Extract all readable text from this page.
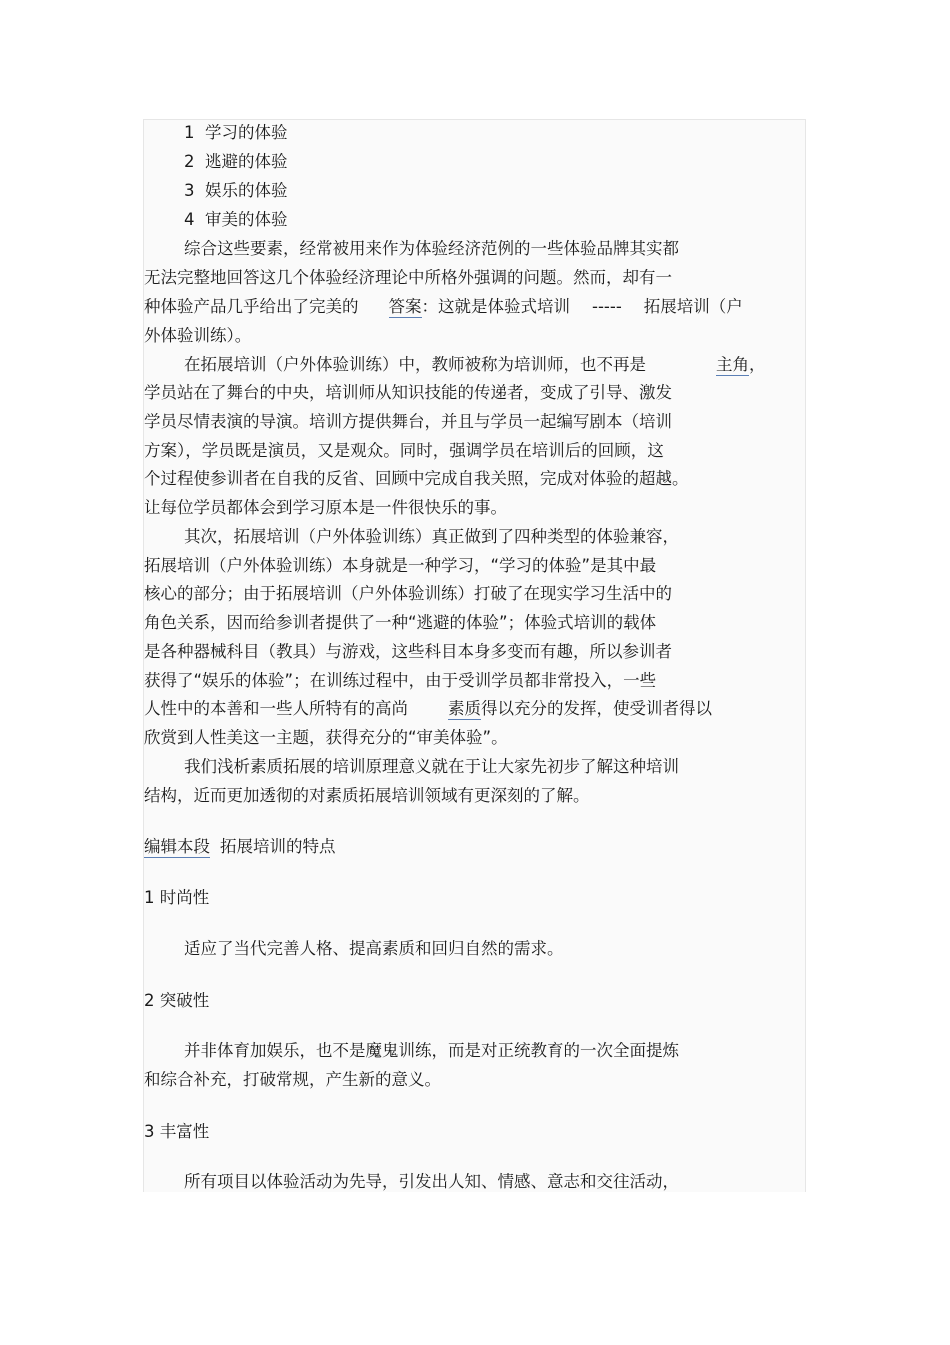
1 学习的体验
2 逃避的体验
3 娱乐的体验
4 审美的体验
综合这些要素，经常被用来作为体验经济范例的一些体验品牌其实都
无法完整地回答这几个体验经济理论中所格外强调的问题。然而，却有一
种体验产品几乎给出了完美的 答案：这就是体验式培训 ----- 拓展培训（户
外体验训练）。
在拓展培训（户外体验训练）中，教师被称为培训师，也不再是	主角，
学员站在了舞台的中央，培训师从知识技能的传递者，变成了引导、激发
学员尽情表演的导演。培训方提供舞台，并且与学员一起编写剧本（培训
方案），学员既是演员，又是观众。同时，强调学员在培训后的回顾，这
个过程使参训者在自我的反省、回顾中完成自我关照，完成对体验的超越。
让每位学员都体会到学习原本是一件很快乐的事。
其次，拓展培训（户外体验训练）真正做到了四种类型的体验兼容，
拓展培训（户外体验训练）本身就是一种学习，“学习的体验”是其中最
核心的部分；由于拓展培训（户外体验训练）打破了在现实学习生活中的
角色关系，因而给参训者提供了一种“逃避的体验”；体验式培训的载体
是各种器械科目（教具）与游戏，这些科目本身多变而有趣，所以参训者
获得了“娱乐的体验”；在训练过程中，由于受训学员都非常投入，一些
人性中的本善和一些人所特有的高尚 素质得以充分的发挥，使受训者得以
欣赏到人性美这一主题，获得充分的“审美体验”。
我们浅析素质拓展的培训原理意义就在于让大家先初步了解这种培训
结构，近而更加透彻的对素质拓展培训领域有更深刻的了解。
编辑本段 拓展培训的特点
1 时尚性
适应了当代完善人格、提高素质和回归自然的需求。
2 突破性
并非体育加娱乐，也不是魔鬼训练，而是对正统教育的一次全面提炼
和综合补充，打破常规，产生新的意义。
3 丰富性
所有项目以体验活动为先导，引发出人知、情感、意志和交往活动，
